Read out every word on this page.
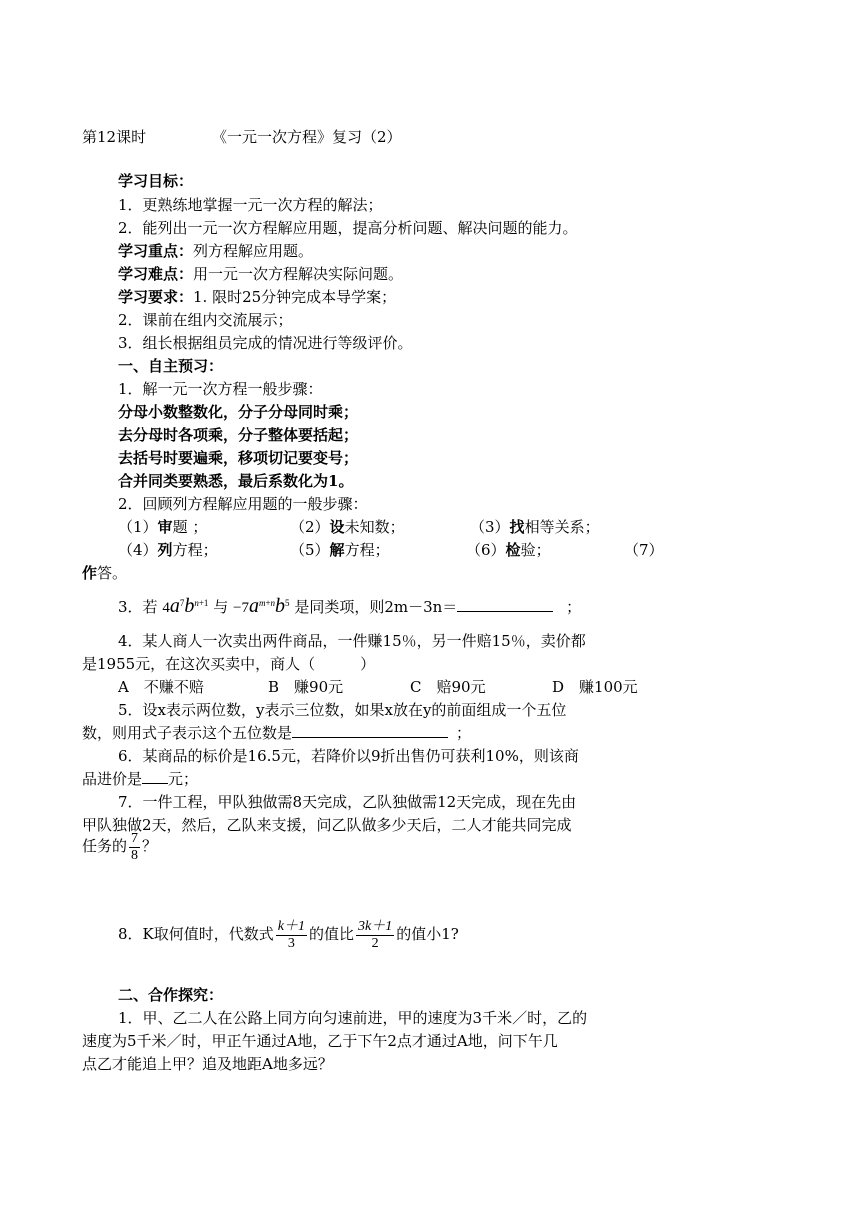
第12课时	《一元一次方程》复习（2）
学习目标：
1．更熟练地掌握一元一次方程的解法；
2．能列出一元一次方程解应用题，提高分析问题、解决问题的能力。
学习重点：列方程解应用题。
学习难点：用一元一次方程解决实际问题。
学习要求：1. 限时25分钟完成本导学案；
2．课前在组内交流展示；
3．组长根据组员完成的情况进行等级评价。
一、自主预习：
1．解一元一次方程一般步骤：
分母小数整数化，分子分母同时乘；
去分母时各项乘，分子整体要括起；
去括号时要遍乘，移项切记要变号；
合并同类要熟悉，最后系数化为1。
2．回顾列方程解应用题的一般步骤：
（1）审题 ；	（2）设未知数；	（3）找相等关系；
（4）列方程；	（5）解方程；	（6）检验；	（7）
作答。
3．若 $4a^7b^{n+1}$ 与 $-7a^{m+n}b^5$ 是同类项，则2m－3n＝	；
4．某人商人一次卖出两件商品，一件赚15％，另一件赔15％，卖价都
是1955元，在这次买卖中，商人（　　　）
A　不赚不赔	B　赚90元	C　赔90元	D　赚100元
5．设x表示两位数，y表示三位数，如果x放在y的前面组成一个五位
数，则用式子表示这个五位数是	；
6．某商品的标价是16.5元，若降价以9折出售仍可获利10%，则该商
品进价是 元；
7．一件工程，甲队独做需8天完成，乙队独做需12天完成，现在先由
甲队独做2天，然后，乙队来支援，问乙队做多少天后，二人才能共同完成
任务的 $\frac{7}{8}$ ？
8．K取何值时，代数式 $\frac{k+1}{3}$ 的值比 $\frac{3k+1}{2}$ 的值小1?
二、合作探究：
1．甲、乙二人在公路上同方向匀速前进，甲的速度为3千米／时，乙的
速度为5千米／时，甲正午通过A地，乙于下午2点才通过A地，问下午几
点乙才能追上甲？追及地距A地多远？
